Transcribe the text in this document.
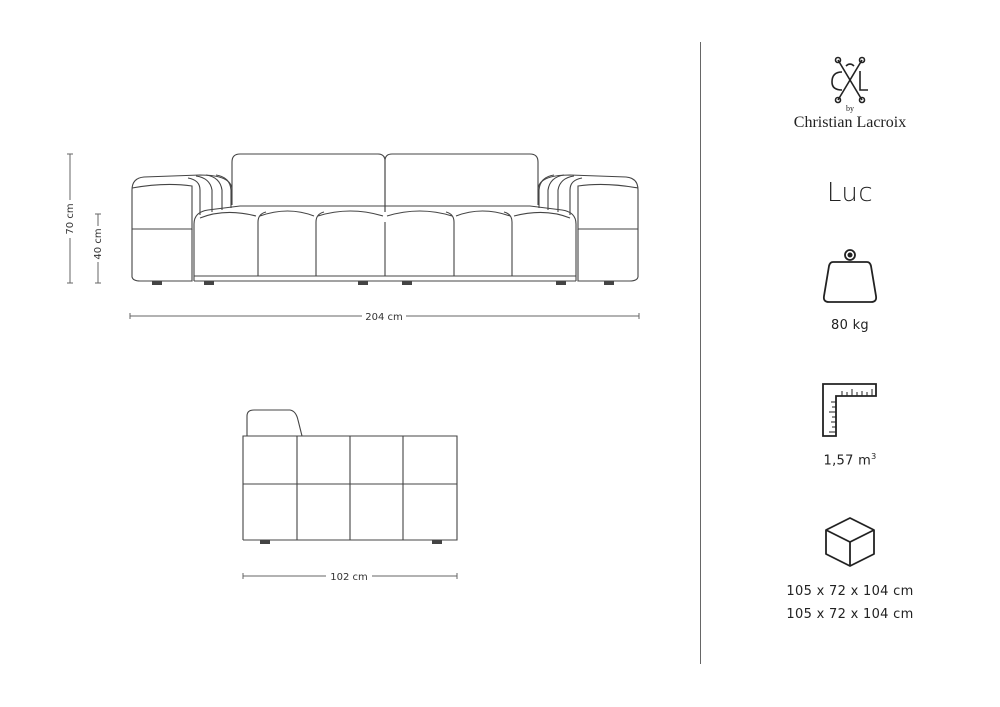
204 cm
70 cm
40 cm
102 cm
by
Christian Lacroix
Luc
80 kg
1,57 $m^3$
105 x 72 x 104 cm
105 x 72 x 104 cm
